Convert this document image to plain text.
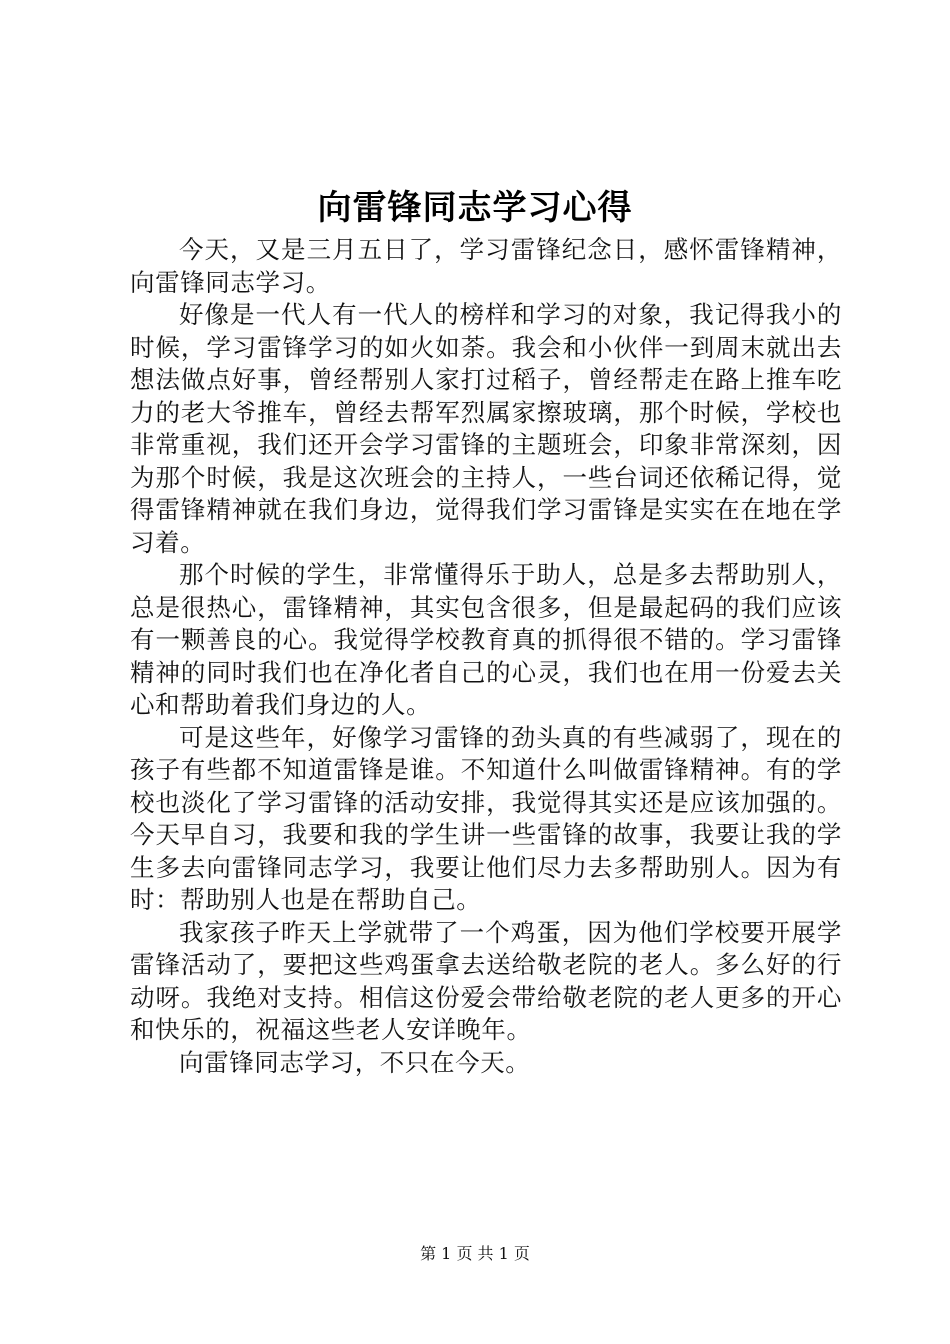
向雷锋同志学习心得

今天，又是三月五日了，学习雷锋纪念日，感怀雷锋精神，向雷锋同志学习。

好像是一代人有一代人的榜样和学习的对象，我记得我小的时候，学习雷锋学习的如火如荼。我会和小伙伴一到周末就出去想法做点好事，曾经帮别人家打过稻子，曾经帮走在路上推车吃力的老大爷推车，曾经去帮军烈属家擦玻璃，那个时候，学校也非常重视，我们还开会学习雷锋的主题班会，印象非常深刻，因为那个时候，我是这次班会的主持人，一些台词还依稀记得，觉得雷锋精神就在我们身边，觉得我们学习雷锋是实实在在地在学习着。

那个时候的学生，非常懂得乐于助人，总是多去帮助别人，总是很热心，雷锋精神，其实包含很多，但是最起码的我们应该有一颗善良的心。我觉得学校教育真的抓得很不错的。学习雷锋精神的同时我们也在净化者自己的心灵，我们也在用一份爱去关心和帮助着我们身边的人。

可是这些年，好像学习雷锋的劲头真的有些减弱了，现在的孩子有些都不知道雷锋是谁。不知道什么叫做雷锋精神。有的学校也淡化了学习雷锋的活动安排，我觉得其实还是应该加强的。今天早自习，我要和我的学生讲一些雷锋的故事，我要让我的学生多去向雷锋同志学习，我要让他们尽力去多帮助别人。因为有时：帮助别人也是在帮助自己。

我家孩子昨天上学就带了一个鸡蛋，因为他们学校要开展学雷锋活动了，要把这些鸡蛋拿去送给敬老院的老人。多么好的行动呀。我绝对支持。相信这份爱会带给敬老院的老人更多的开心和快乐的，祝福这些老人安详晚年。

向雷锋同志学习，不只在今天。

第 1 页 共 1 页
